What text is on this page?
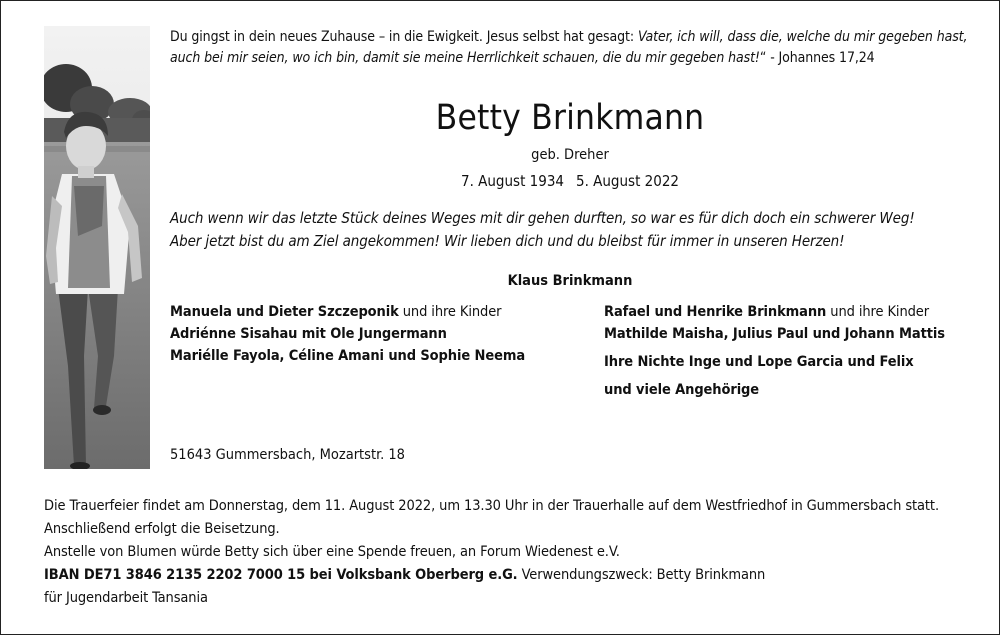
Du gingst in dein neues Zuhause – in die Ewigkeit. Jesus selbst hat gesagt: Vater, ich will, dass die, welche du mir gegeben hast, auch bei mir seien, wo ich bin, damit sie meine Herrlichkeit schauen, die du mir gegeben hast!“ - Johannes 17,24
Betty Brinkmann
geb. Dreher
7. August 1934 5. August 2022
Auch wenn wir das letzte Stück deines Weges mit dir gehen durften, so war es für dich doch ein schwerer Weg!
Aber jetzt bist du am Ziel angekommen! Wir lieben dich und du bleibst für immer in unseren Herzen!
Klaus Brinkmann
Manuela und Dieter Szczeponik und ihre Kinder
Adriénne Sisahau mit Ole Jungermann
Mariélle Fayola, Céline Amani und Sophie Neema
Rafael und Henrike Brinkmann und ihre Kinder
Mathilde Maisha, Julius Paul und Johann Mattis
Ihre Nichte Inge und Lope Garcia und Felix
und viele Angehörige
51643 Gummersbach, Mozartstr. 18
Die Trauerfeier findet am Donnerstag, dem 11. August 2022, um 13.30 Uhr in der Trauerhalle auf dem Westfriedhof in Gummersbach statt. Anschließend erfolgt die Beisetzung.
Anstelle von Blumen würde Betty sich über eine Spende freuen, an Forum Wiedenest e.V.
IBAN DE71 3846 2135 2202 7000 15 bei Volksbank Oberberg e.G. Verwendungszweck: Betty Brinkmann
für Jugendarbeit Tansania
